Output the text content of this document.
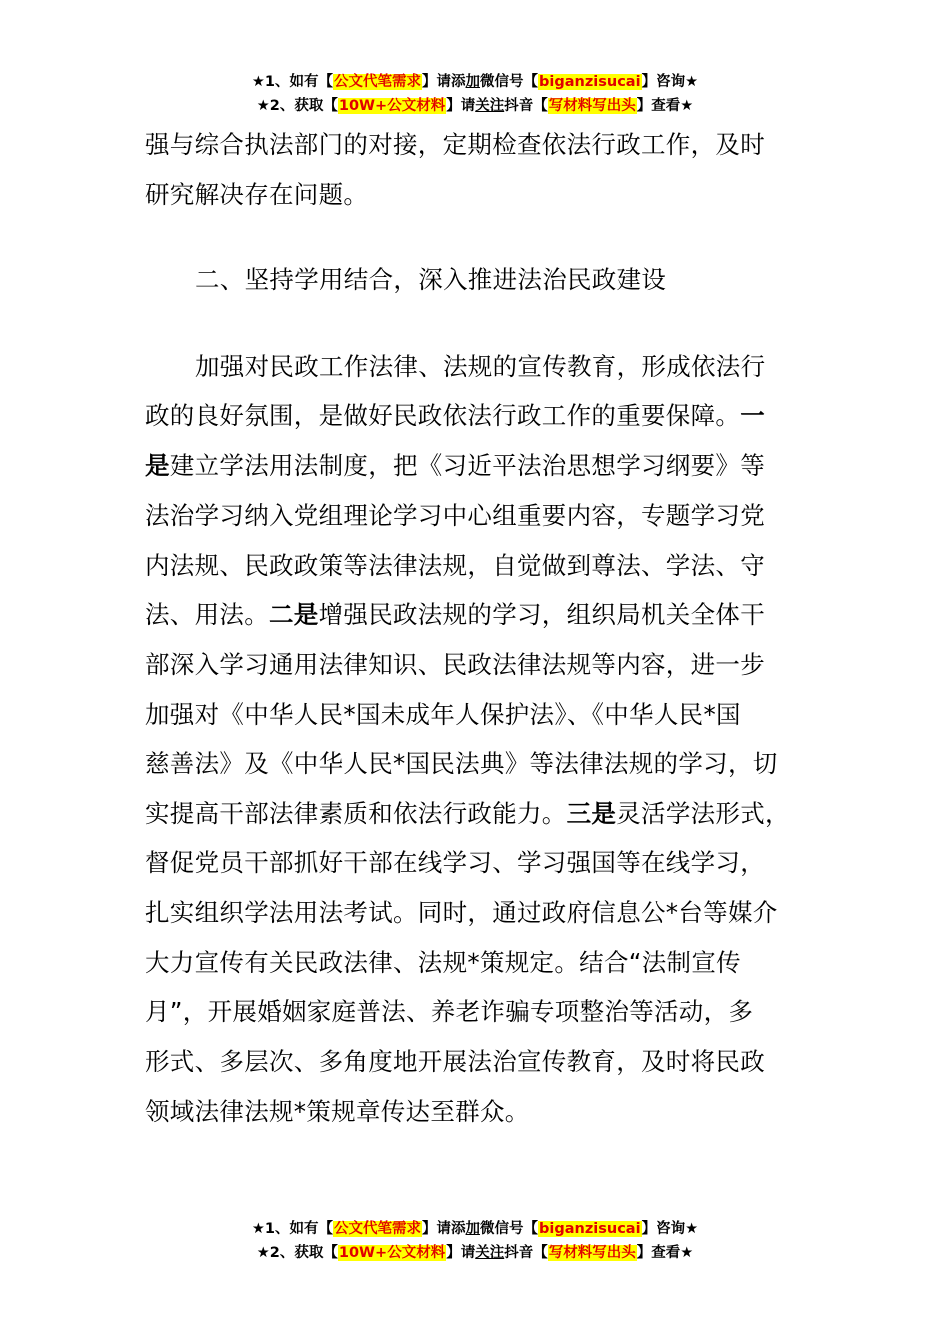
★1、如有【公文代笔需求】请添加微信号【biganzisucai】咨询★
★2、获取【10W+公文材料】请关注抖音【写材料写出头】查看★
强与综合执法部门的对接，定期检查依法行政工作，及时
研究解决存在问题。
二、坚持学用结合，深入推进法治民政建设
加强对民政工作法律、法规的宣传教育，形成依法行
政的良好氛围，是做好民政依法行政工作的重要保障。一
是建立学法用法制度，把《习近平法治思想学习纲要》等
法治学习纳入党组理论学习中心组重要内容，专题学习党
内法规、民政政策等法律法规，自觉做到尊法、学法、守
法、用法。二是增强民政法规的学习，组织局机关全体干
部深入学习通用法律知识、民政法律法规等内容，进一步
加强对《中华人民*国未成年人保护法》、《中华人民*国
慈善法》及《中华人民*国民法典》等法律法规的学习，切
实提高干部法律素质和依法行政能力。三是灵活学法形式，
督促党员干部抓好干部在线学习、学习强国等在线学习，
扎实组织学法用法考试。同时，通过政府信息公*台等媒介
大力宣传有关民政法律、法规*策规定。结合“法制宣传
月”，开展婚姻家庭普法、养老诈骗专项整治等活动，多
形式、多层次、多角度地开展法治宣传教育，及时将民政
领域法律法规*策规章传达至群众。
★1、如有【公文代笔需求】请添加微信号【biganzisucai】咨询★
★2、获取【10W+公文材料】请关注抖音【写材料写出头】查看★
